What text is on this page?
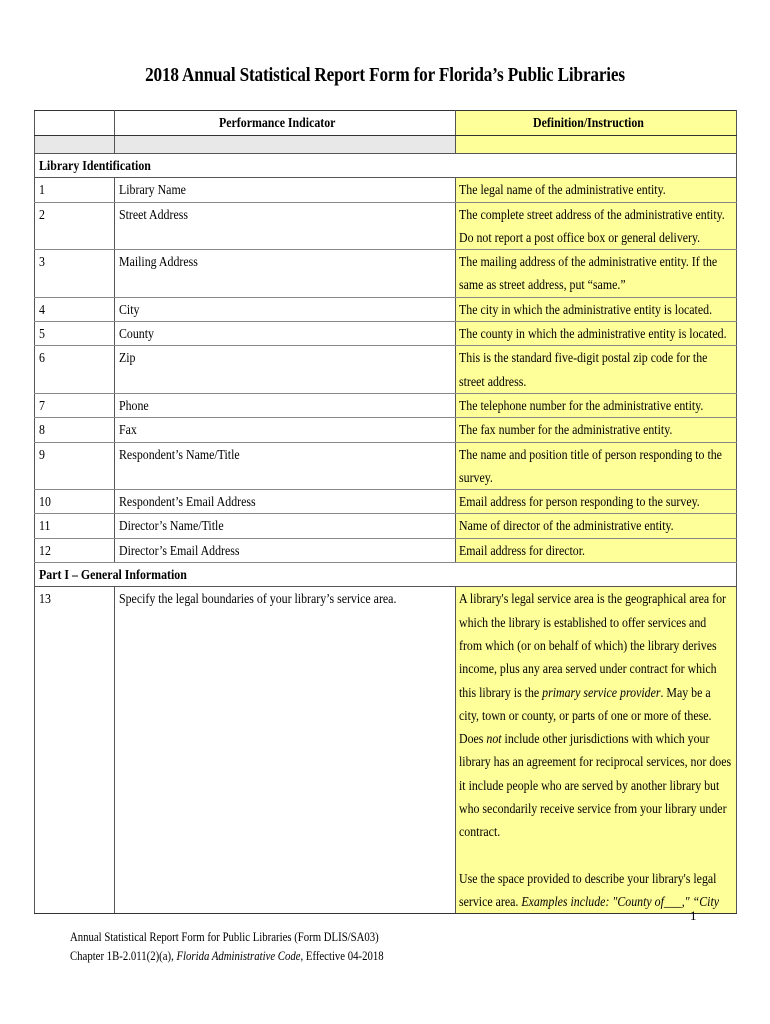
2018 Annual Statistical Report Form for Florida’s Public Libraries
	Performance Indicator	Definition/Instruction

Library Identification		
1	Library Name	The legal name of the administrative entity.

2	Street Address	The complete street address of the administrative entity. Do not report a post office box or general delivery.

3	Mailing Address	The mailing address of the administrative entity. If the same as street address, put “same.”

4	City	The city in which the administrative entity is located.

5	County	The county in which the administrative entity is located.

6	Zip	This is the standard five-digit postal zip code for the street address.

7	Phone	The telephone number for the administrative entity.

8	Fax	The fax number for the administrative entity.

9	Respondent’s Name/Title	The name and position title of person responding to the survey.

10	Respondent’s Email Address	Email address for person responding to the survey.

11	Director’s Name/Title	Name of director of the administrative entity.

12	Director’s Email Address	Email address for director.

Part I – General Information		
13	Specify the legal boundaries of your library’s service area.	A library's legal service area is the geographical area for which the library is established to offer services and from which (or on behalf of which) the library derives income, plus any area served under contract for which this library is the primary service provider. May be a city, town or county, or parts of one or more of these. Does not include other jurisdictions with which your library has an agreement for reciprocal services, nor does it include people who are served by another library but who secondarily receive service from your library under contract.
Use the space provided to describe your library's legal service area. Examples include: "County of___," “City
1
Annual Statistical Report Form for Public Libraries (Form DLIS/SA03)
Chapter 1B-2.011(2)(a), Florida Administrative Code, Effective 04-2018
